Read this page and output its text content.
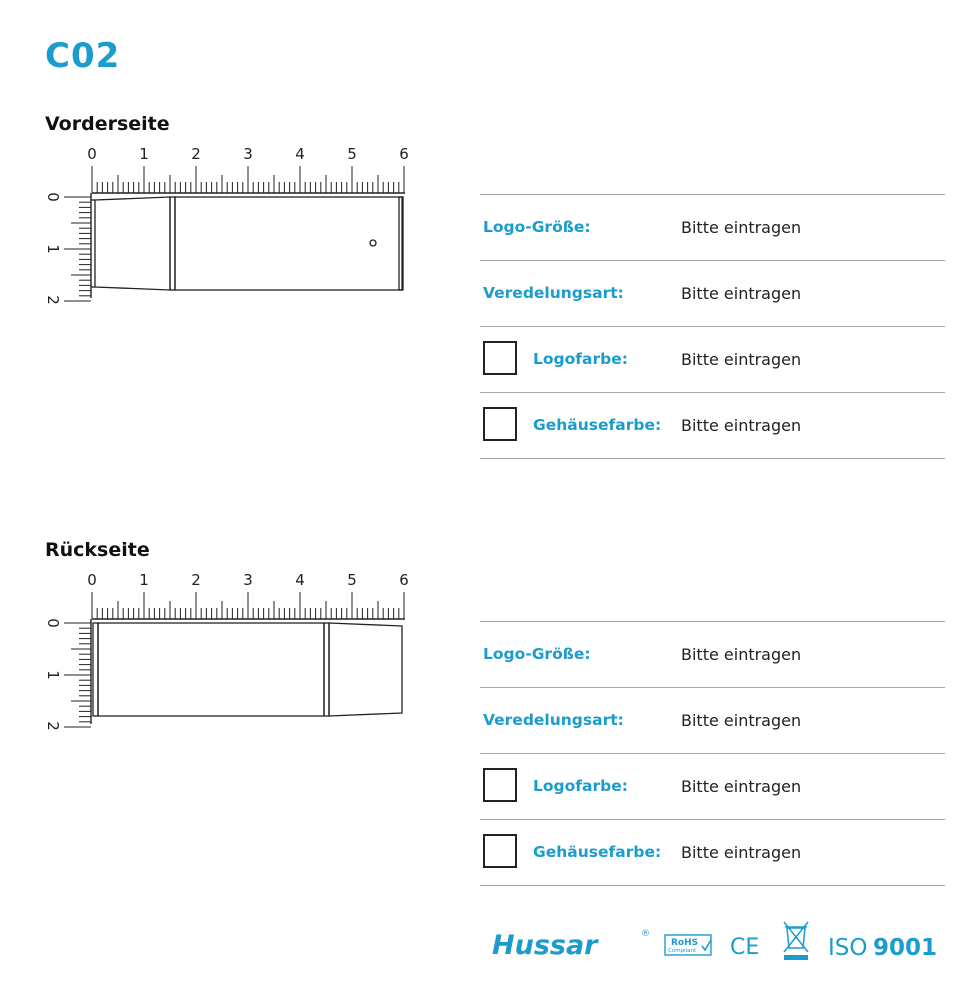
C02
Vorderseite
0	1	2	3	4	5	6
0
1
2
Logo-Größe:	Bitte eintragen
Veredelungsart:	Bitte eintragen
Logofarbe:	Bitte eintragen
Gehäusefarbe: Bitte eintragen
Rückseite
0	1	2	3	4	5	6
0
1
2
Logo-Größe:	Bitte eintragen
Veredelungsart:	Bitte eintragen
Logofarbe:	Bitte eintragen
Gehäusefarbe: Bitte eintragen
Hussar	®
RoHS
Compliant CE	ISO 9001
